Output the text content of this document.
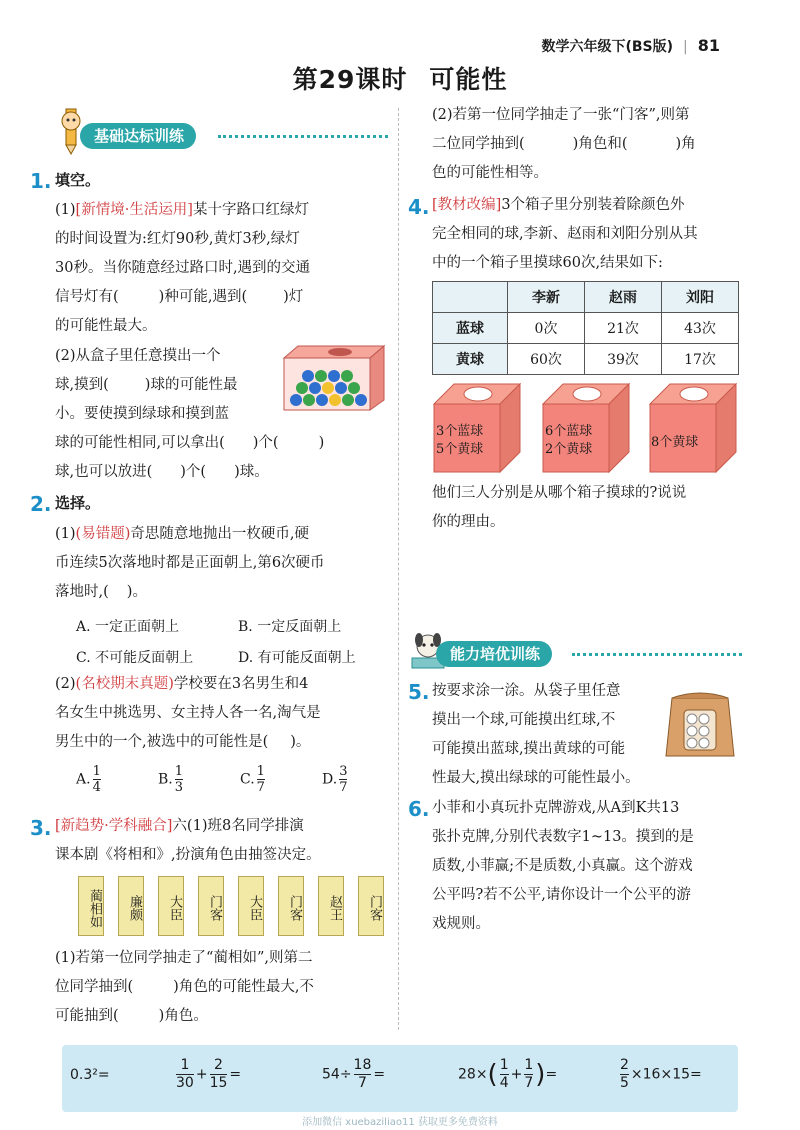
数学六年级下(BS版) | 81
第29课时 可能性
基础达标训练
1. 填空。
(1)[新情境·生活运用]某十字路口红绿灯
的时间设置为:红灯90秒,黄灯3秒,绿灯
30秒。当你随意经过路口时,遇到的交通
信号灯有(	)种可能,遇到( )灯
的可能性最大。
(2)从盒子里任意摸出一个
球,摸到( )球的可能性最
小。要使摸到绿球和摸到蓝
球的可能性相同,可以拿出( )个(	)
球,也可以放进( )个( )球。
2. 选择。
(1)(易错题)奇思随意地抛出一枚硬币,硬
币连续5次落地时都是正面朝上,第6次硬币
落地时,( )。
A. 一定正面朝上	B. 一定反面朝上
C. 不可能反面朝上	D. 有可能反面朝上
(2)(名校期末真题)学校要在3名男生和4
名女生中挑选男、女主持人各一名,淘气是
男生中的一个,被选中的可能性是( )。
A. $\frac{1}{4}$	B. $\frac{1}{3}$	C. $\frac{1}{7}$	D. $\frac{3}{7}$
3. [新趋势·学科融合]六(1)班8名同学排演
课本剧《将相和》,扮演角色由抽签决定。
蔺相如	廉颇	大臣	门客	大臣	门客	赵王	门客
(1)若第一位同学抽走了“蔺相如”,则第二
位同学抽到(	)角色的可能性最大,不
可能抽到(	)角色。
(2)若第一位同学抽走了一张“门客”,则第
二位同学抽到(	)角色和(	)角
色的可能性相等。
4. [教材改编]3个箱子里分别装着除颜色外
完全相同的球,李新、赵雨和刘阳分别从其
中的一个箱子里摸球60次,结果如下:
	李新	赵雨	刘阳
蓝球	0次	21次	43次
黄球	60次	39次	17次
3个蓝球
5个黄球
6个蓝球
2个黄球	8个黄球
他们三人分别是从哪个箱子摸球的?说说
你的理由。
能力培优训练
5. 按要求涂一涂。从袋子里任意
摸出一个球,可能摸出红球,不
可能摸出蓝球,摸出黄球的可能
性最大,摸出绿球的可能性最小。
6. 小菲和小真玩扑克牌游戏,从A到K共13
张扑克牌,分别代表数字1~13。摸到的是
质数,小菲赢;不是质数,小真赢。这个游戏
公平吗?若不公平,请你设计一个公平的游
戏规则。
0.3²=	$\frac{1}{30} + \frac{2}{15}$ =	$54\div \frac{18}{7}$ =	$28\times( \frac{1}{4} + \frac{1}{7}$ )=	$\frac{2}{5} \times 16\times 15=$
添加微信 xuebaziliao11 获取更多免费资料
